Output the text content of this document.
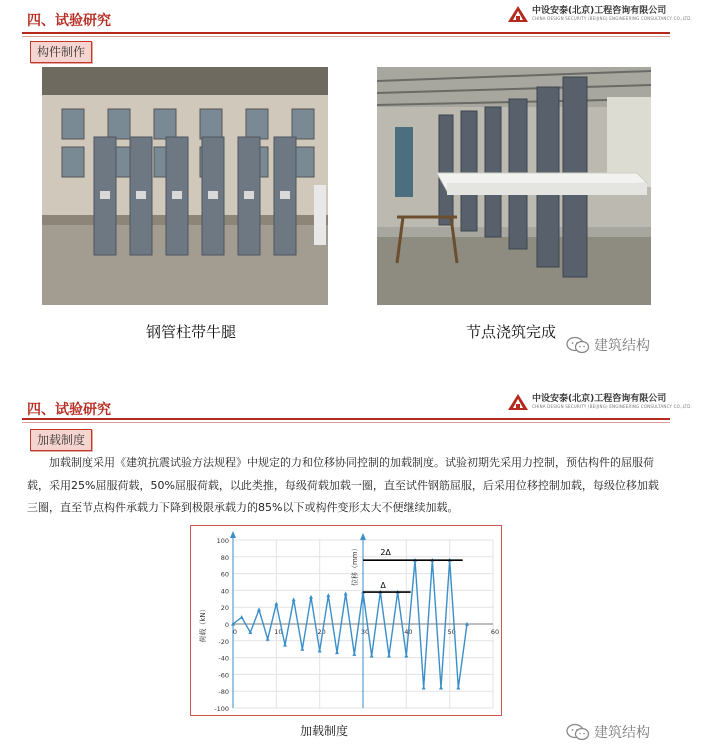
四、试验研究
中设安泰(北京)工程咨询有限公司
CHINA DESIGN SECURITY (BEIJING) ENGINEERING CONSULTANCY CO.,LTD.
构件制作
钢管柱带牛腿	节点浇筑完成
建筑结构
四、试验研究
中设安泰(北京)工程咨询有限公司
CHINA DESIGN SECURITY (BEIJING) ENGINEERING CONSULTANCY CO.,LTD.
加载制度
加载制度采用《建筑抗震试验方法规程》中规定的力和位移协同控制的加载制度。试验初期先采用力控制，预估构件的屈服荷载，采用25%屈服荷载，50%屈服荷载，以此类推，每级荷载加载一圈，直至试件钢筋屈服，后采用位移控制加载，每级位移加载三圈，直至节点构件承载力下降到极限承载力的85%以下或构件变形太大不便继续加载。
100
80
60
40
20
0
-20
-40
-60
-80
-100
0	10	20	30	40	50	60
荷载（kN）
位移（mm）	Δ
2Δ
加载制度	建筑结构
